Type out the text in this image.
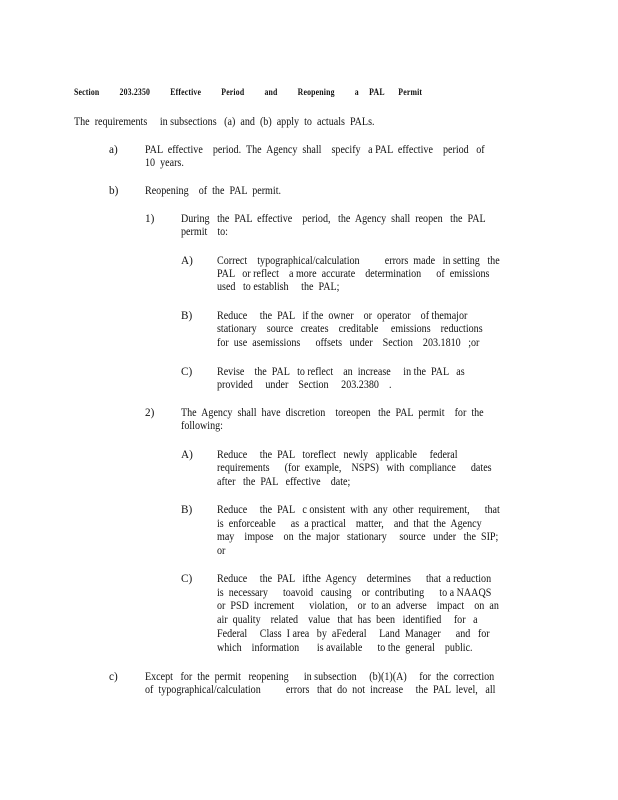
Section 203.2350 Effective Period and Reopening a PAL Permit
The  requirements     in subsections   (a)  and  (b)  apply  to  actuals  PALs.
a) PAL  effective    period.  The  Agency  shall    specify   a PAL  effective    period   of
10  years.
b) Reopening    of  the  PAL  permit.
1) During   the  PAL  effective    period,   the  Agency  shall  reopen   the  PAL
permit    to:
A) Correct    typographical/calculation          errors  made   in setting   the
PAL   or reflect    a more  accurate    determination      of  emissions
used   to establish     the  PAL;
B) Reduce     the  PAL   if the  owner    or  operator    of themajor
stationary    source   creates    creditable     emissions    reductions
for  use  asemissions      offsets   under    Section    203.1810   ;or
C) Revise    the  PAL   to reflect    an  increase     in the  PAL   as
provided     under    Section     203.2380    .
2) The  Agency  shall  have  discretion    toreopen   the  PAL  permit    for  the
following:
A) Reduce     the  PAL   toreflect   newly   applicable     federal
requirements      (for  example,    NSPS)   with  compliance      dates
after   the  PAL   effective    date;
B) Reduce     the  PAL   c onsistent  with  any  other  requirement,      that
is  enforceable      as  a practical    matter,    and  that  the  Agency
may    impose    on  the  major   stationary     source   under   the  SIP;
or
C) Reduce     the  PAL   ifthe  Agency    determines      that  a reduction
is  necessary      toavoid   causing    or  contributing      to a NAAQS
or  PSD  increment      violation,    or  to an  adverse    impact    on  an
air  quality    related    value   that  has  been   identified     for   a
Federal     Class  I area   by  aFederal     Land  Manager      and   for
which    information       is available      to the  general    public.
c) Except   for  the  permit   reopening      in subsection     (b)(1)(A)     for  the  correction
of  typographical/calculation          errors   that  do  not  increase     the  PAL  level,   all
